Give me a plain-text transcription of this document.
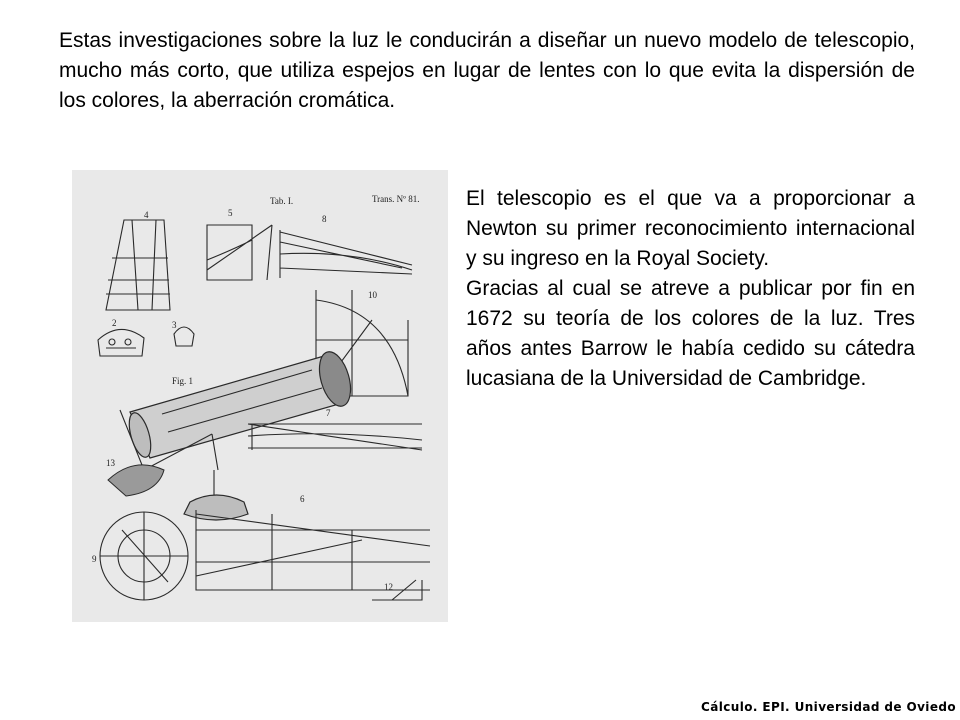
Estas investigaciones sobre la luz le conducirán a diseñar un nuevo modelo de telescopio, mucho más corto, que utiliza espejos en lugar de lentes con lo que evita la dispersión de los colores, la aberración cromática.

Tab. I.	Trans. Nº 81.
4	5
8
10
2	3
Fig. 1
13
7
6
9
12

El telescopio es el que va a proporcionar a Newton su primer reconocimiento internacional y su ingreso en la Royal Society.

Gracias al cual se atreve a publicar por fin en 1672 su teoría de los colores de la luz. Tres años antes Barrow le había cedido su cátedra lucasiana de la Universidad de Cambridge.

Cálculo. EPI. Universidad de Oviedo
